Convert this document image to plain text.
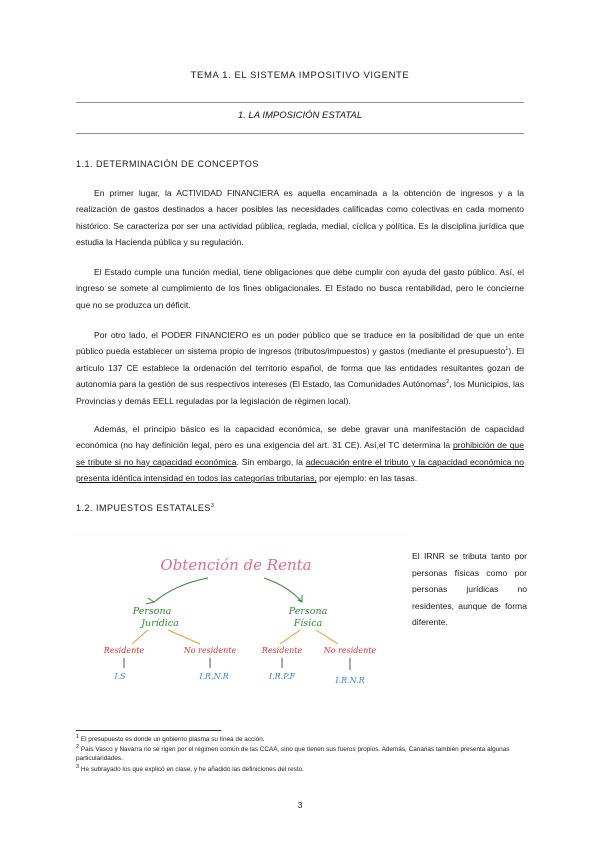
TEMA 1. EL SISTEMA IMPOSITIVO VIGENTE
1. LA IMPOSICIÓN ESTATAL
1.1. DETERMINACIÓN DE CONCEPTOS

En primer lugar, la ACTIVIDAD FINANCIERA es aquella encaminada a la obtención de ingresos y a la realización de gastos destinados a hacer posibles las necesidades calificadas como colectivas en cada momento histórico. Se caracteriza por ser una actividad pública, reglada, medial, cíclica y política. Es la disciplina jurídica que estudia la Hacienda pública y su regulación.

El Estado cumple una función medial, tiene obligaciones que debe cumplir con ayuda del gasto público. Así, el ingreso se somete al cumplimiento de los fines obligacionales. El Estado no busca rentabilidad, pero le concierne que no se produzca un déficit.

Por otro lado, el PODER FINANCIERO es un poder público que se traduce en la posibilidad de que un ente público pueda establecer un sistema propio de ingresos (tributos/impuestos) y gastos (mediante el presupuesto$^1$). El artículo 137 CE establece la ordenación del territorio español, de forma que las entidades resultantes gozan de autonomía para la gestión de sus respectivos intereses (El Estado, las Comunidades Autónomas$^2$, los Municipios, las Provincias y demás EELL reguladas por la legislación de régimen local).

Además, el principio básico es la capacidad económica, se debe gravar una manifestación de capacidad económica (no hay definición legal, pero es una exigencia del art. 31 CE). Así,el TC determina la prohibición de que se tribute si no hay capacidad económica. Sin embargo, la adecuación entre el tributo y la capacidad económica no presenta idéntica intensidad en todos las categorías tributarias, por ejemplo: en las tasas.

1.2. IMPUESTOS ESTATALES$^3$
Obtención de Renta
Persona
Jurídica
Persona
Física
Residente	No residente	Residente	No residente
I.S	I.R.N.R	I.R.P.F	I.R.N.R
El IRNR se tributa tanto por personas físicas como por personas jurídicas no residentes, aunque de forma diferente.
$^1$ El presupuesto es donde un gobierno plasma su línea de acción.
$^2$ País Vasco y Navarra no se rigen por el régimen común de las CCAA, sino que tienen sus fueros propios. Además, Canarias también presenta algunas particularidades.
$^3$ He subrayado los que explicó en clase, y he añadido las definiciones del resto.
3
